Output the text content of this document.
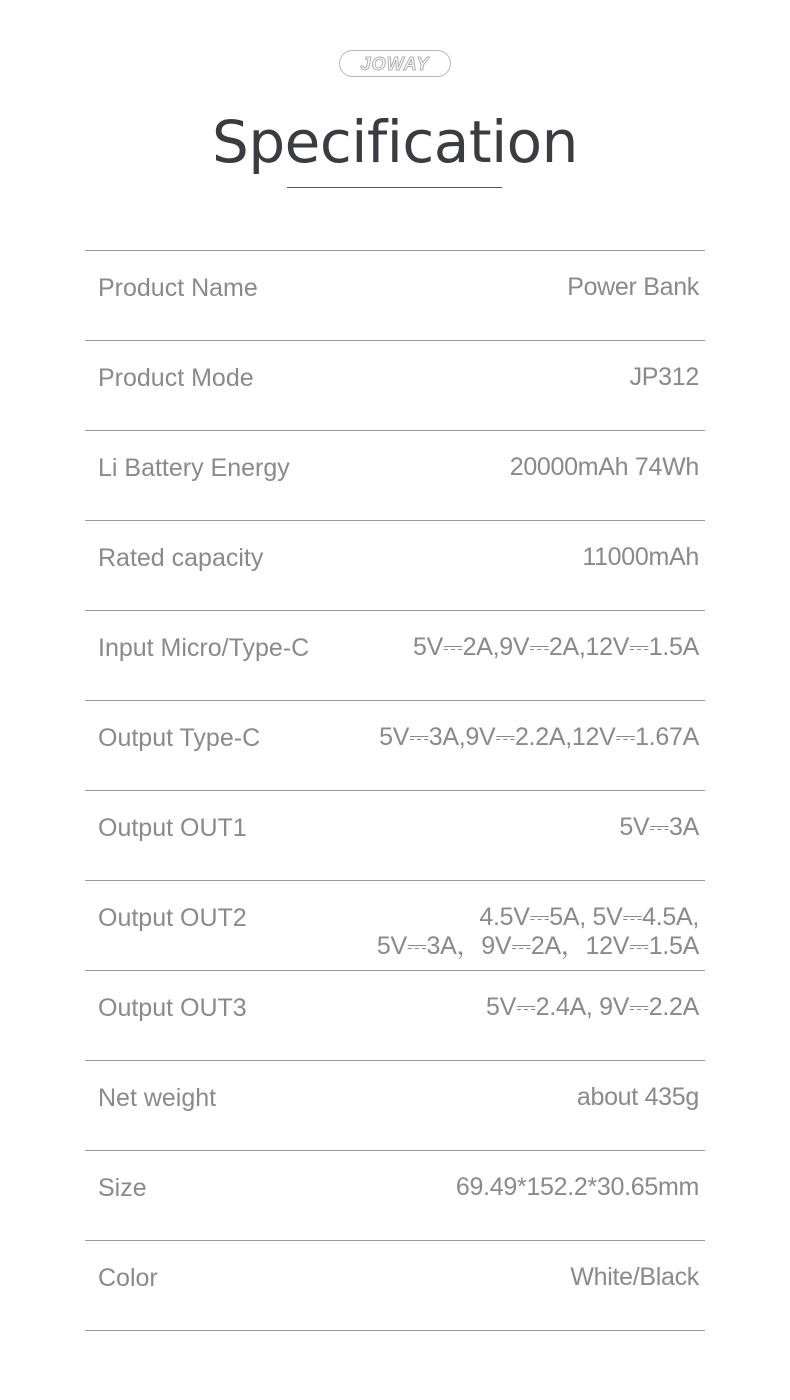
JOWAY
Specification
Product Name	Power Bank
Product Mode	JP312
Li Battery Energy	20000mAh 74Wh
Rated capacity	11000mAh
Input Micro/Type-C	5V⎓2A,9V⎓2A,12V⎓1.5A
Output Type-C	5V⎓3A,9V⎓2.2A,12V⎓1.67A
Output OUT1	5V⎓3A
Output OUT2	4.5V⎓5A, 5V⎓4.5A,
5V⎓3A，9V⎓2A，12V⎓1.5A
Output OUT3	5V⎓2.4A, 9V⎓2.2A
Net weight	about 435g
Size	69.49*152.2*30.65mm
Color	White/Black
